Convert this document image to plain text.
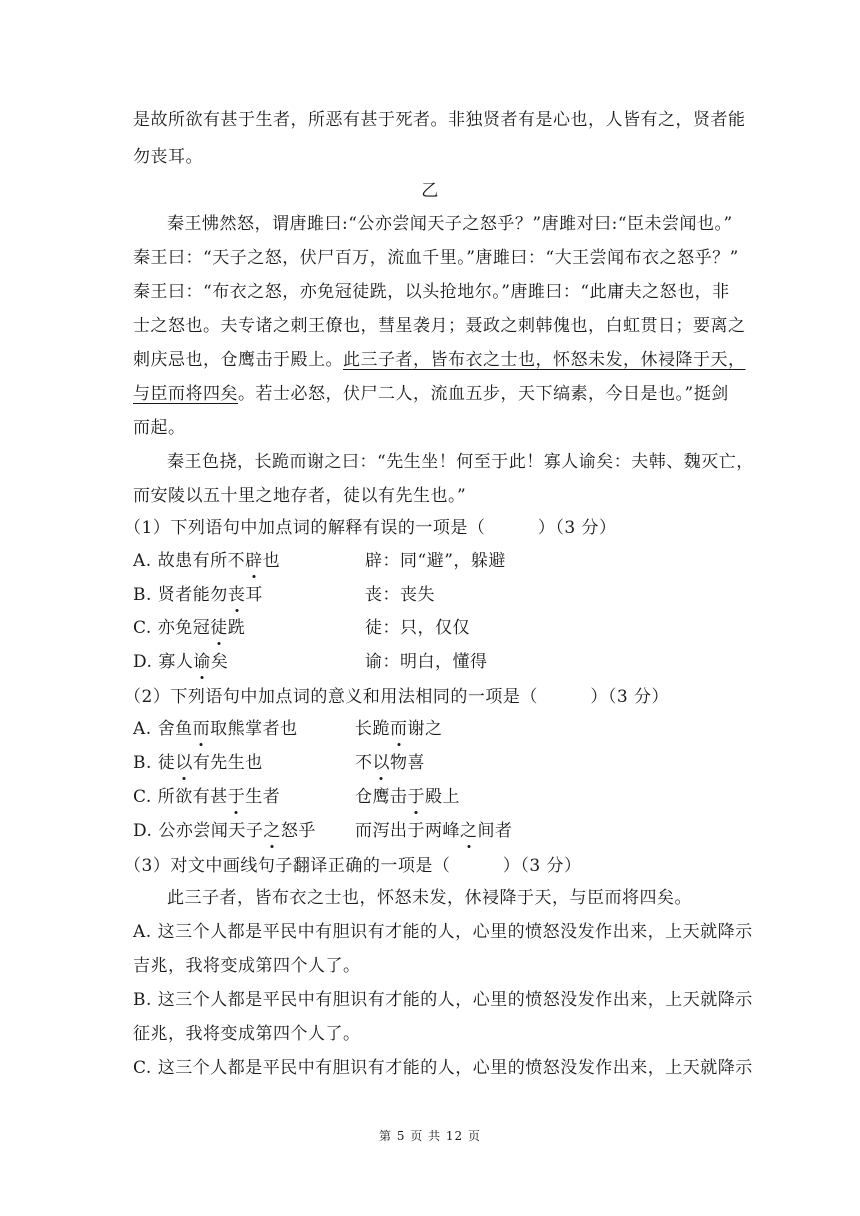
是故所欲有甚于生者，所恶有甚于死者。非独贤者有是心也，人皆有之，贤者能
勿丧耳。
乙
秦王怫然怒，谓唐雎曰:“公亦尝闻天子之怒乎？”唐雎对曰:“臣未尝闻也。”
秦王曰：“天子之怒，伏尸百万，流血千里。”唐雎曰：“大王尝闻布衣之怒乎？”
秦王曰：“布衣之怒，亦免冠徒跣，以头抢地尔。”唐雎曰：“此庸夫之怒也，非
士之怒也。夫专诸之刺王僚也，彗星袭月；聂政之刺韩傀也，白虹贯日；要离之
刺庆忌也，仓鹰击于殿上。此三子者，皆布衣之士也，怀怒未发，休祲降于天，
与臣而将四矣。若士必怒，伏尸二人，流血五步，天下缟素，今日是也。”挺剑
而起。
秦王色挠，长跪而谢之曰：“先生坐！何至于此！寡人谕矣：夫韩、魏灭亡，
而安陵以五十里之地存者，徒以有先生也。”
（1）下列语句中加点词的解释有误的一项是（　　　）（3 分）
A. 故患有所不辟也	辟：同“避”，躲避
B. 贤者能勿丧耳	丧：丧失
C. 亦免冠徒跣	徒：只，仅仅
D. 寡人谕矣	谕：明白，懂得
（2）下列语句中加点词的意义和用法相同的一项是（　　　）（3 分）
A. 舍鱼而取熊掌者也	长跪而谢之
B. 徒以有先生也	不以物喜
C. 所欲有甚于生者	仓鹰击于殿上
D. 公亦尝闻天子之怒乎 而泻出于两峰之间者
（3）对文中画线句子翻译正确的一项是（　　　）（3 分）
此三子者，皆布衣之士也，怀怒未发，休祲降于天，与臣而将四矣。
A. 这三个人都是平民中有胆识有才能的人，心里的愤怒没发作出来，上天就降示
吉兆，我将变成第四个人了。
B. 这三个人都是平民中有胆识有才能的人，心里的愤怒没发作出来，上天就降示
征兆，我将变成第四个人了。
C. 这三个人都是平民中有胆识有才能的人，心里的愤怒没发作出来，上天就降示
第 5 页 共 12 页
